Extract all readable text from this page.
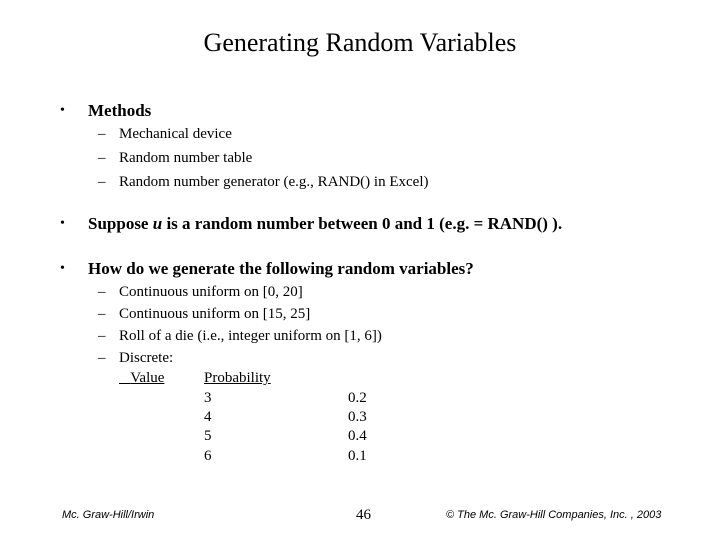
Generating Random Variables
• Methods
– Mechanical device
– Random number table
– Random number generator (e.g., RAND() in Excel)
• Suppose u is a random number between 0 and 1 (e.g. = RAND() ).
• How do we generate the following random variables?
– Continuous uniform on [0, 20]
– Continuous uniform on [15, 25]
– Roll of a die (i.e., integer uniform on [1, 6])
– Discrete:
Value	Probability
3	0.2
4	0.3
5	0.4
6	0.1
Mc. Graw-Hill/Irwin	46	© The Mc. Graw-Hill Companies, Inc. , 2003
